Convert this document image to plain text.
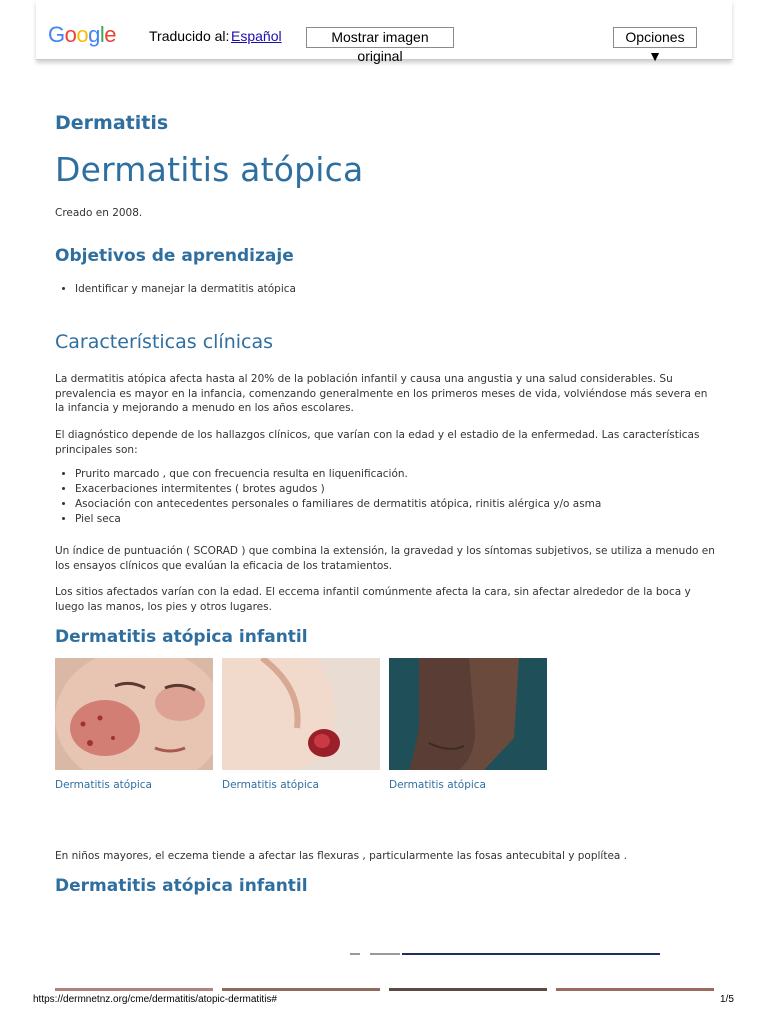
G o o g l e Traducido al: Español	Mostrar imagen original
Opciones ▼
Dermatitis
Dermatitis atópica
Creado en 2008.
Objetivos de aprendizaje
• Identificar y manejar la dermatitis atópica
Características clínicas
La dermatitis atópica afecta hasta al 20% de la población infantil y causa una angustia y una salud considerables. Su prevalencia es mayor en la infancia, comenzando generalmente en los primeros meses de vida, volviéndose más severa en la infancia y mejorando a menudo en los años escolares.
El diagnóstico depende de los hallazgos clínicos, que varían con la edad y el estadio de la enfermedad. Las características principales son:
• Prurito marcado , que con frecuencia resulta en liquenificación.
• Exacerbaciones intermitentes ( brotes agudos )
• Asociación con antecedentes personales o familiares de dermatitis atópica, rinitis alérgica y/o asma
• Piel seca
Un índice de puntuación ( SCORAD ) que combina la extensión, la gravedad y los síntomas subjetivos, se utiliza a menudo en los ensayos clínicos que evalúan la eficacia de los tratamientos.
Los sitios afectados varían con la edad. El eccema infantil comúnmente afecta la cara, sin afectar alrededor de la boca y luego las manos, los pies y otros lugares.
Dermatitis atópica infantil
Dermatitis atópica	Dermatitis atópica	Dermatitis atópica
En niños mayores, el eczema tiende a afectar las flexuras , particularmente las fosas antecubital y poplítea .
Dermatitis atópica infantil
https://dermnetnz.org/cme/dermatitis/atopic-dermatitis#	1/5
